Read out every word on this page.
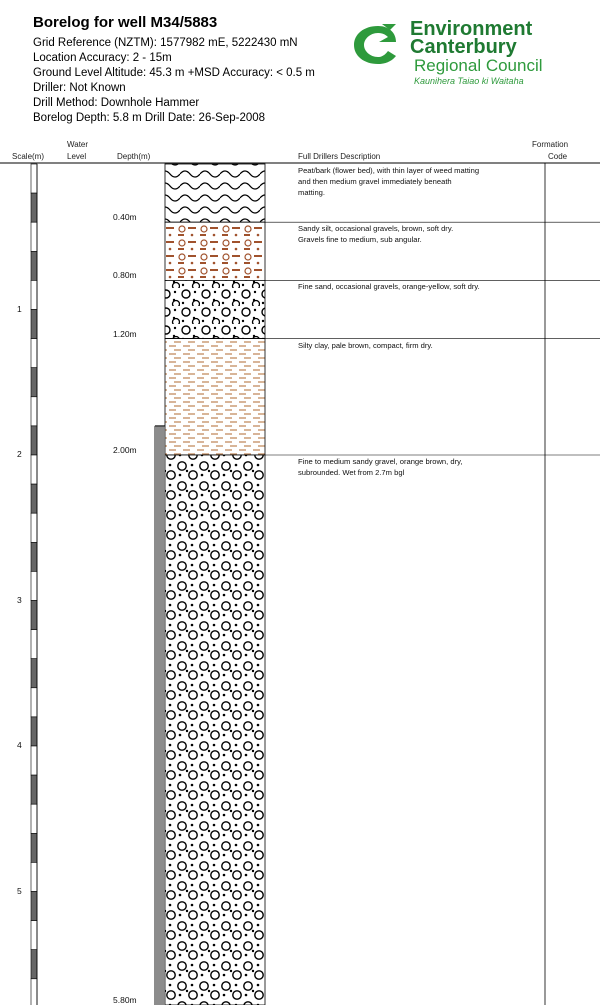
Borelog for well M34/5883
Grid Reference (NZTM): 1577982 mE, 5222430 mN
Location Accuracy: 2 - 15m
Ground Level Altitude: 45.3 m +MSD Accuracy: < 0.5 m
Driller: Not Known
Drill Method: Downhole Hammer
Borelog Depth: 5.8 m Drill Date: 26-Sep-2008
Environment
Canterbury
Regional Council
Kaunihera Taiao ki Waitaha
Scale(m)
Water
Level	Depth(m)	Full Drillers Description
Formation
Code
1
2
3
4
5
0.40m
Peat/bark (flower bed), with thin layer of weed matting and then medium gravel immediately beneath matting.
0.80m
Sandy silt, occasional gravels, brown, soft dry. Gravels fine to medium, sub angular.
1.20m
Fine sand, occasional gravels, orange-yellow, soft dry.
2.00m
Silty clay, pale brown, compact, firm dry.
5.80m
Fine to medium sandy gravel, orange brown, dry, subrounded. Wet from 2.7m bgl
